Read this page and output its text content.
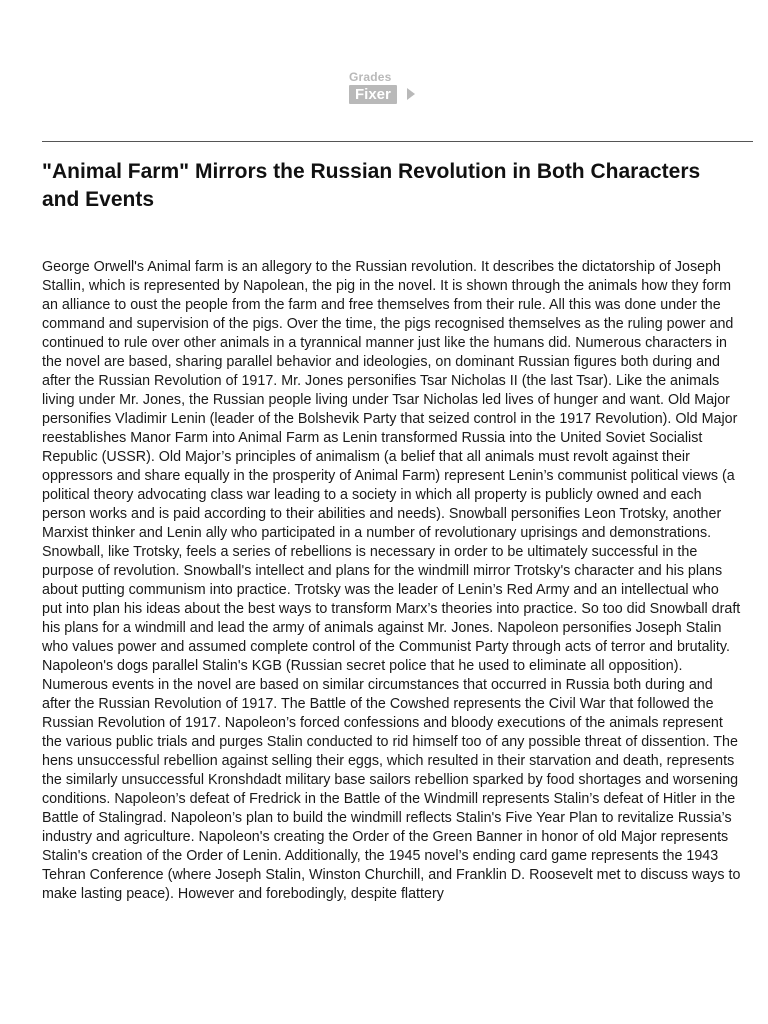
Grades
Fixer
"Animal Farm" Mirrors the Russian Revolution in Both Characters and Events

George Orwell's Animal farm is an allegory to the Russian revolution. It describes the dictatorship of Joseph Stallin, which is represented by Napolean, the pig in the novel. It is shown through the animals how they form an alliance to oust the people from the farm and free themselves from their rule. All this was done under the command and supervision of the pigs. Over the time, the pigs recognised themselves as the ruling power and continued to rule over other animals in a tyrannical manner just like the humans did. Numerous characters in the novel are based, sharing parallel behavior and ideologies, on dominant Russian figures both during and after the Russian Revolution of 1917. Mr. Jones personifies Tsar Nicholas II (the last Tsar). Like the animals living under Mr. Jones, the Russian people living under Tsar Nicholas led lives of hunger and want. Old Major personifies Vladimir Lenin (leader of the Bolshevik Party that seized control in the 1917 Revolution). Old Major reestablishes Manor Farm into Animal Farm as Lenin transformed Russia into the United Soviet Socialist Republic (USSR). Old Major’s principles of animalism (a belief that all animals must revolt against their oppressors and share equally in the prosperity of Animal Farm) represent Lenin’s communist political views (a political theory advocating class war leading to a society in which all property is publicly owned and each person works and is paid according to their abilities and needs). Snowball personifies Leon Trotsky, another Marxist thinker and Lenin ally who participated in a number of revolutionary uprisings and demonstrations. Snowball, like Trotsky, feels a series of rebellions is necessary in order to be ultimately successful in the purpose of revolution. Snowball's intellect and plans for the windmill mirror Trotsky's character and his plans about putting communism into practice. Trotsky was the leader of Lenin’s Red Army and an intellectual who put into plan his ideas about the best ways to transform Marx’s theories into practice. So too did Snowball draft his plans for a windmill and lead the army of animals against Mr. Jones. Napoleon personifies Joseph Stalin who values power and assumed complete control of the Communist Party through acts of terror and brutality. Napoleon's dogs parallel Stalin's KGB (Russian secret police that he used to eliminate all opposition). Numerous events in the novel are based on similar circumstances that occurred in Russia both during and after the Russian Revolution of 1917. The Battle of the Cowshed represents the Civil War that followed the Russian Revolution of 1917. Napoleon’s forced confessions and bloody executions of the animals represent the various public trials and purges Stalin conducted to rid himself too of any possible threat of dissention. The hens unsuccessful rebellion against selling their eggs, which resulted in their starvation and death, represents the similarly unsuccessful Kronshdadt military base sailors rebellion sparked by food shortages and worsening conditions. Napoleon’s defeat of Fredrick in the Battle of the Windmill represents Stalin’s defeat of Hitler in the Battle of Stalingrad. Napoleon’s plan to build the windmill reflects Stalin's Five Year Plan to revitalize Russia’s industry and agriculture. Napoleon's creating the Order of the Green Banner in honor of old Major represents Stalin's creation of the Order of Lenin. Additionally, the 1945 novel’s ending card game represents the 1943 Tehran Conference (where Joseph Stalin, Winston Churchill, and Franklin D. Roosevelt met to discuss ways to make lasting peace). However and forebodingly, despite flattery
